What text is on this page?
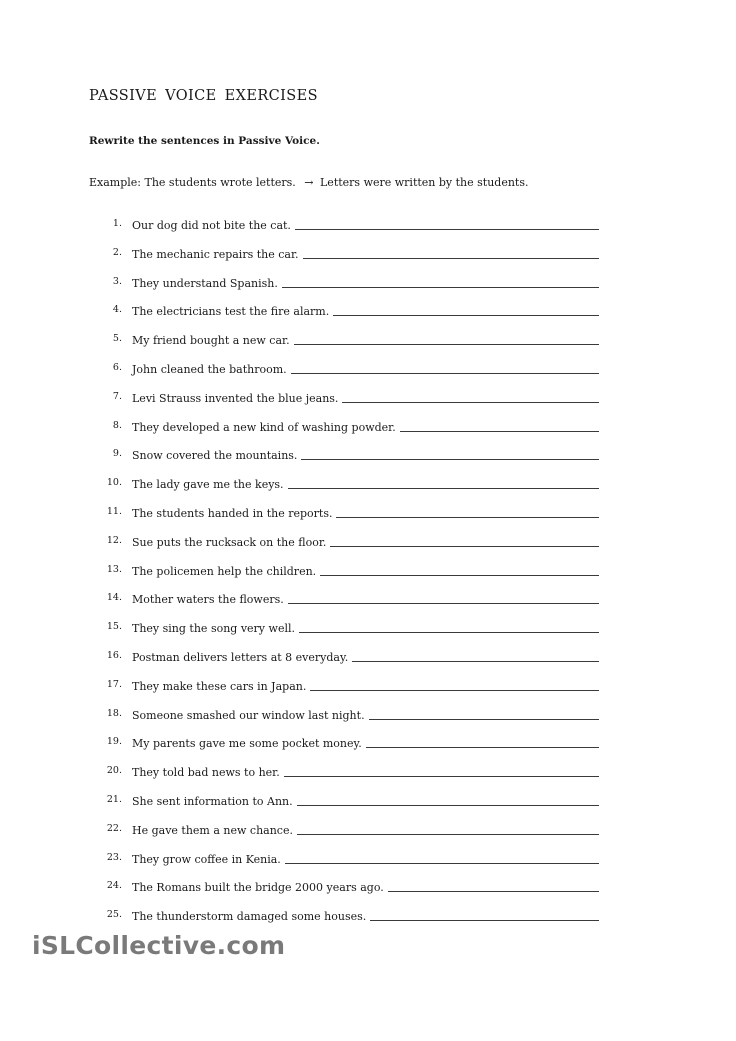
PASSIVE VOICE EXERCISES
Rewrite the sentences in Passive Voice.
Example: The students wrote letters. → Letters were written by the students.
1. Our dog did not bite the cat.
2. The mechanic repairs the car.
3. They understand Spanish.
4. The electricians test the fire alarm.
5. My friend bought a new car.
6. John cleaned the bathroom.
7. Levi Strauss invented the blue jeans.
8. They developed a new kind of washing powder.
9. Snow covered the mountains.
10. The lady gave me the keys.
11. The students handed in the reports.
12. Sue puts the rucksack on the floor.
13. The policemen help the children.
14. Mother waters the flowers.
15. They sing the song very well.
16. Postman delivers letters at 8 everyday.
17. They make these cars in Japan.
18. Someone smashed our window last night.
19. My parents gave me some pocket money.
20. They told bad news to her.
21. She sent information to Ann.
22. He gave them a new chance.
23. They grow coffee in Kenia.
24. The Romans built the bridge 2000 years ago.
25. The thunderstorm damaged some houses.
iSLCollective.com
